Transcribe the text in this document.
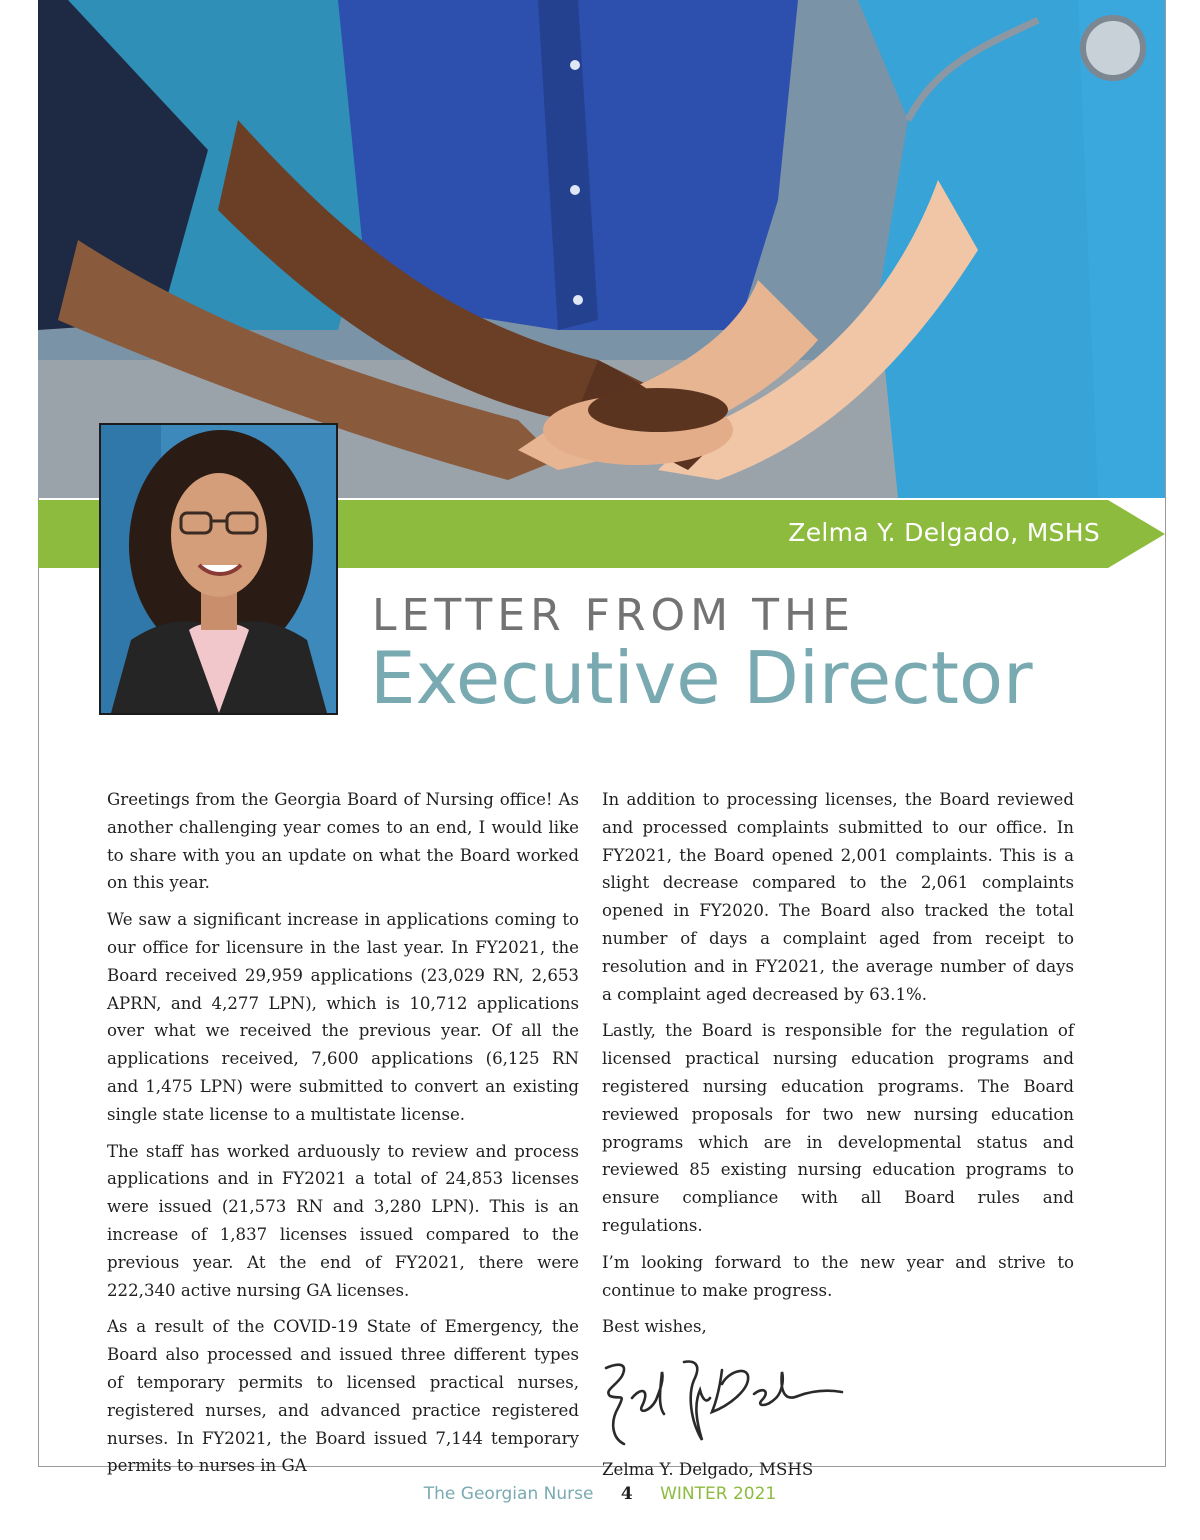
Zelma Y. Delgado, MSHS
LETTER FROM THE
Executive Director

Greetings from the Georgia Board of Nursing office! As another challenging year comes to an end, I would like to share with you an update on what the Board worked on this year.

We saw a significant increase in applications coming to our office for licensure in the last year. In FY2021, the Board received 29,959 applications (23,029 RN, 2,653 APRN, and 4,277 LPN), which is 10,712 applications over what we received the previous year. Of all the applications received, 7,600 applications (6,125 RN and 1,475 LPN) were submitted to convert an existing single state license to a multistate license.

The staff has worked arduously to review and process applications and in FY2021 a total of 24,853 licenses were issued (21,573 RN and 3,280 LPN). This is an increase of 1,837 licenses issued compared to the previous year. At the end of FY2021, there were 222,340 active nursing GA licenses.

As a result of the COVID-19 State of Emergency, the Board also processed and issued three different types of temporary permits to licensed practical nurses, registered nurses, and advanced practice registered nurses. In FY2021, the Board issued 7,144 temporary permits to nurses in GA

In addition to processing licenses, the Board reviewed and processed complaints submitted to our office. In FY2021, the Board opened 2,001 complaints. This is a slight decrease compared to the 2,061 complaints opened in FY2020. The Board also tracked the total number of days a complaint aged from receipt to resolution and in FY2021, the average number of days a complaint aged decreased by 63.1%.

Lastly, the Board is responsible for the regulation of licensed practical nursing education programs and registered nursing education programs. The Board reviewed proposals for two new nursing education programs which are in developmental status and reviewed 85 existing nursing education programs to ensure compliance with all Board rules and regulations.

I’m looking forward to the new year and strive to continue to make progress.

Best wishes,

Zelma Y. Delgado, MSHS

The Georgian Nurse 4 WINTER 2021
